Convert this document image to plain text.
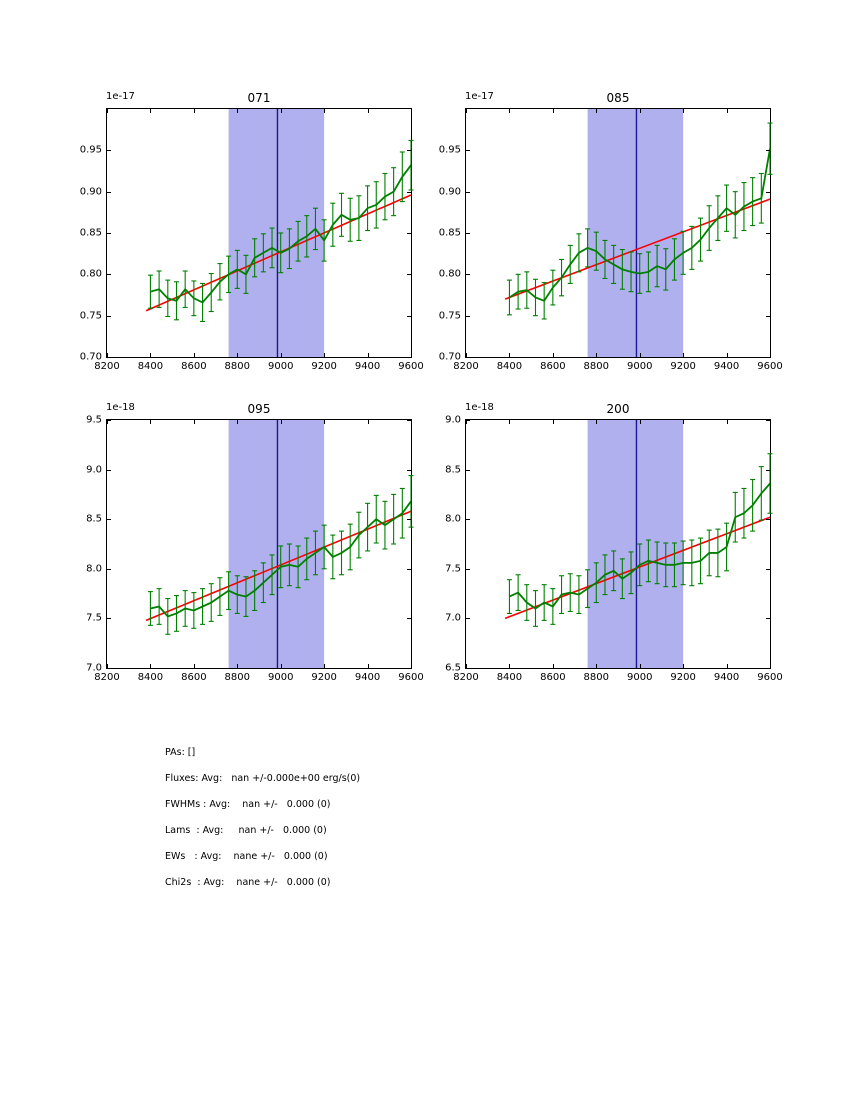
1e-17	071
0.70
0.75
0.80
0.85
0.90
0.95
8200 8400 8600 8800 9000 9200 9400 9600
1e-17	085
0.70
0.75
0.80
0.85
0.90
0.95
8200 8400 8600 8800 9000 9200 9400 9600
1e-18	095
7.0
7.5
8.0
8.5
9.0
9.5
8200 8400 8600 8800 9000 9200 9400 9600
1e-18	200
6.5
7.0
7.5
8.0
8.5
9.0
8200 8400 8600 8800 9000 9200 9400 9600
PAs: []
Fluxes: Avg:   nan +/-0.000e+00 erg/s(0)
FWHMs : Avg:    nan +/-   0.000 (0)
Lams  : Avg:     nan +/-   0.000 (0)
EWs   : Avg:    nane +/-   0.000 (0)
Chi2s  : Avg:    nane +/-   0.000 (0)
